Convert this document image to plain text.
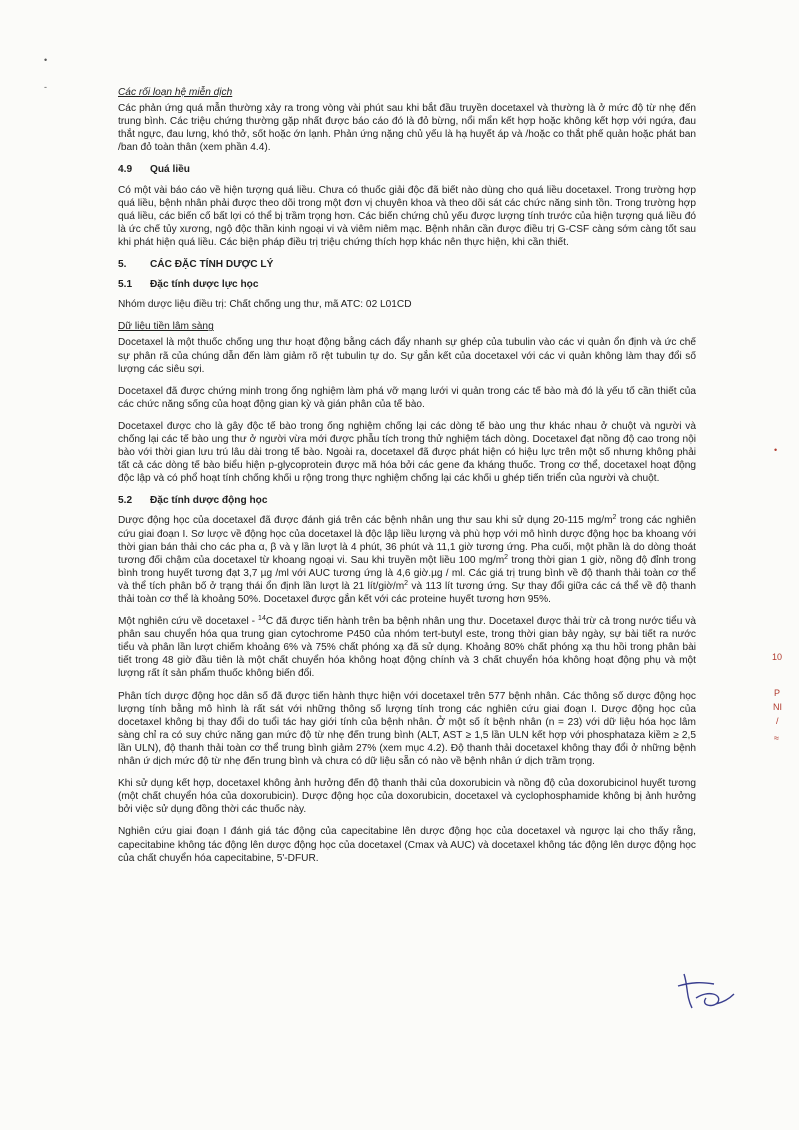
•
-	Các rối loạn hệ miễn dịch

Các phản ứng quá mẫn thường xảy ra trong vòng vài phút sau khi bắt đầu truyền docetaxel và thường là ở mức độ từ nhẹ đến trung bình. Các triệu chứng thường gặp nhất được báo cáo đó là đỏ bừng, nổi mẩn kết hợp hoặc không kết hợp với ngứa, đau thắt ngực, đau lưng, khó thở, sốt hoặc ớn lạnh. Phản ứng nặng chủ yếu là hạ huyết áp và /hoặc co thắt phế quản hoặc phát ban /ban đỏ toàn thân (xem phần 4.4).

4.9	Quá liều

Có một vài báo cáo về hiện tượng quá liều. Chưa có thuốc giải độc đã biết nào dùng cho quá liều docetaxel. Trong trường hợp quá liều, bệnh nhân phải được theo dõi trong một đơn vị chuyên khoa và theo dõi sát các chức năng sinh tồn. Trong trường hợp quá liều, các biến cố bất lợi có thể bị trầm trọng hơn. Các biến chứng chủ yếu được lượng tính trước của hiện tượng quá liều đó là ức chế tủy xương, ngộ độc thần kinh ngoại vi và viêm niêm mạc. Bệnh nhân cần được điều trị G-CSF càng sớm càng tốt sau khi phát hiện quá liều. Các biện pháp điều trị triệu chứng thích hợp khác nên thực hiện, khi cần thiết.

5.	CÁC ĐẶC TÍNH DƯỢC LÝ

5.1	Đặc tính dược lực học

Nhóm dược liệu điều trị: Chất chống ung thư, mã ATC: 02 L01CD

Dữ liệu tiền lâm sàng

Docetaxel là một thuốc chống ung thư hoạt động bằng cách đẩy nhanh sự ghép của tubulin vào các vi quản ổn định và ức chế sự phân rã của chúng dẫn đến làm giảm rõ rệt tubulin tự do. Sự gắn kết của docetaxel với các vi quản không làm thay đổi số lượng các siêu sợi.

Docetaxel đã được chứng minh trong ống nghiệm làm phá vỡ mạng lưới vi quản trong các tế bào mà đó là yếu tố cần thiết của các chức năng sống của hoạt động gian kỳ và gián phân của tế bào.

Docetaxel được cho là gây độc tế bào trong ống nghiệm chống lại các dòng tế bào ung thư khác nhau ở chuột và người và chống lại các tế bào ung thư ở người vừa mới được phẫu tích trong thử nghiệm tách dòng. Docetaxel đạt nồng độ cao trong nội bào với thời gian lưu trú lâu dài trong tế bào. Ngoài ra, docetaxel đã được phát hiện có hiệu lực trên một số nhưng không phải tất cả các dòng tế bào biểu hiện p-glycoprotein được mã hóa bởi các gene đa kháng thuốc. Trong cơ thể, docetaxel hoạt động độc lập và có phổ hoạt tính chống khối u rộng trong thực nghiệm chống lại các khối u ghép tiến triển của người và chuột.

5.2	Đặc tính dược động học

Dược động học của docetaxel đã được đánh giá trên các bệnh nhân ung thư sau khi sử dụng 20-115 $mg/m^2$ trong các nghiên cứu giai đoạn I. Sơ lược về động học của docetaxel là độc lập liều lượng và phù hợp với mô hình dược động học ba khoang với thời gian bán thải cho các pha α, β và γ lần lượt là 4 phút, 36 phút và 11,1 giờ tương ứng. Pha cuối, một phần là do dòng thoát tương đối chậm của docetaxel từ khoang ngoại vi. Sau khi truyền một liều 100 $mg/m^2$ trong thời gian 1 giờ, nồng độ đỉnh trong bình trong huyết tương đạt 3,7 µg /ml với AUC tương ứng là 4,6 giờ.µg / ml. Các giá trị trung bình về độ thanh thải toàn cơ thể và thể tích phân bố ở trạng thái ổn định lần lượt là 21 lít/$giờ/m^2$ và 113 lít tương ứng. Sự thay đổi giữa các cá thể về độ thanh thải toàn cơ thể là khoảng 50%. Docetaxel được gắn kết với các proteine huyết tương hơn 95%.

Một nghiên cứu về docetaxel - $^{14}$C đã được tiến hành trên ba bệnh nhân ung thư. Docetaxel được thải trừ cả trong nước tiểu và phân sau chuyển hóa qua trung gian cytochrome P450 của nhóm tert-butyl este, trong thời gian bảy ngày, sự bài tiết ra nước tiểu và phân lần lượt chiếm khoảng 6% và 75% chất phóng xạ đã sử dụng. Khoảng 80% chất phóng xạ thu hồi trong phân bài tiết trong 48 giờ đầu tiên là một chất chuyển hóa không hoạt động chính và 3 chất chuyển hóa không hoạt động phụ và một lượng rất ít sản phẩm thuốc không biến đổi.

Phân tích dược động học dân số đã được tiến hành thực hiện với docetaxel trên 577 bệnh nhân. Các thông số dược động học lượng tính bằng mô hình là rất sát với những thông số lượng tính trong các nghiên cứu giai đoạn I. Dược động học của docetaxel không bị thay đổi do tuổi tác hay giới tính của bệnh nhân. Ở một số ít bệnh nhân (n = 23) với dữ liệu hóa học lâm sàng chỉ ra có suy chức năng gan mức độ từ nhẹ đến trung bình (ALT, AST ≥ 1,5 lần ULN kết hợp với phosphataza kiềm ≥ 2,5 lần ULN), độ thanh thải toàn cơ thể trung bình giảm 27% (xem mục 4.2). Độ thanh thải docetaxel không thay đổi ở những bệnh nhân ứ dịch mức độ từ nhẹ đến trung bình và chưa có dữ liệu sẵn có nào về bệnh nhân ứ dịch trầm trọng.

Khi sử dụng kết hợp, docetaxel không ảnh hưởng đến độ thanh thải của doxorubicin và nồng độ của doxorubicinol huyết tương (một chất chuyển hóa của doxorubicin). Dược động học của doxorubicin, docetaxel và cyclophosphamide không bị ảnh hưởng bởi việc sử dụng đồng thời các thuốc này.

Nghiên cứu giai đoạn I đánh giá tác động của capecitabine lên dược động học của docetaxel và ngược lại cho thấy rằng, capecitabine không tác động lên dược động học của docetaxel (Cmax và AUC) và docetaxel không tác động lên dược động học của chất chuyển hóa capecitabine, 5'-DFUR.

•
10
P
NI
/
≈
